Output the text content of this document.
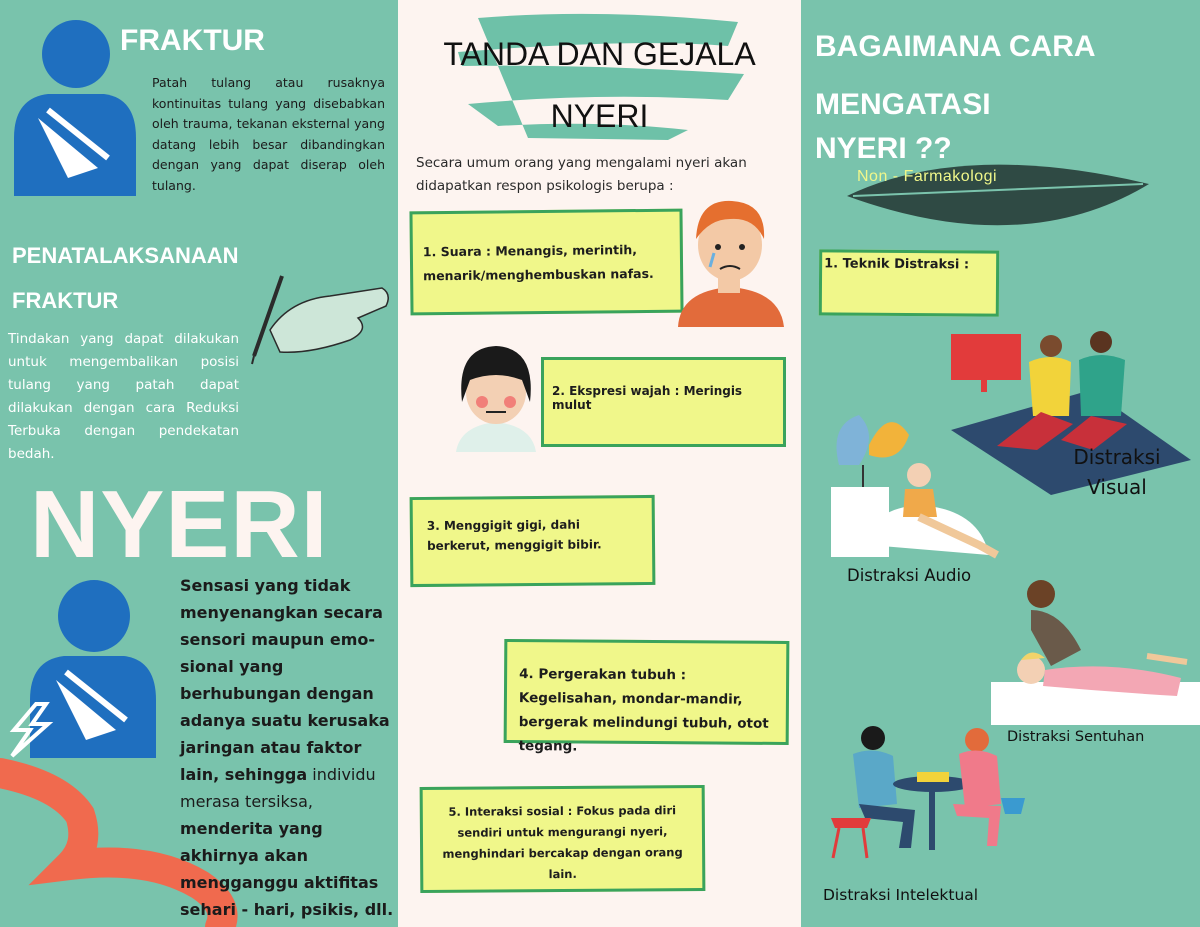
FRAKTUR
Patah tulang atau rusaknya kontinuitas tulang yang disebabkan oleh trauma, tekanan eksternal yang datang lebih besar dibandingkan dengan yang dapat diserap oleh tulang.
PENATALAKSANAAN
FRAKTUR
Tindakan yang dapat dilakukan untuk mengembalikan posisi tulang yang patah dapat dilakukan dengan cara Reduksi Terbuka dengan pendekatan bedah.
NYERI
Sensasi yang tidak menyenangkan secara sensori maupun emo-sional yang berhubungan dengan adanya suatu kerusaka jaringan atau faktor lain, sehingga individu merasa tersiksa, menderita yang akhirnya akan mengganggu aktifitas sehari - hari, psikis, dll.
TANDA DAN GEJALA
NYERI
Secara umum orang yang mengalami nyeri akan didapatkan respon psikologis berupa :
1. Suara : Menangis, merintih, menarik/menghembuskan nafas.
2. Ekspresi wajah : Meringis mulut
3. Menggigit gigi, dahi berkerut, menggigit bibir.
4. Pergerakan tubuh : Kegelisahan, mondar-mandir, bergerak melindungi tubuh, otot tegang.
5. Interaksi sosial : Fokus pada diri sendiri untuk mengurangi nyeri, menghindari bercakap dengan orang lain.
BAGAIMANA CARA
MENGATASI
NYERI ??
Non - Farmakologi
1. Teknik Distraksi :
Distraksi Visual
Distraksi Audio
Distraksi Sentuhan
Distraksi Intelektual
